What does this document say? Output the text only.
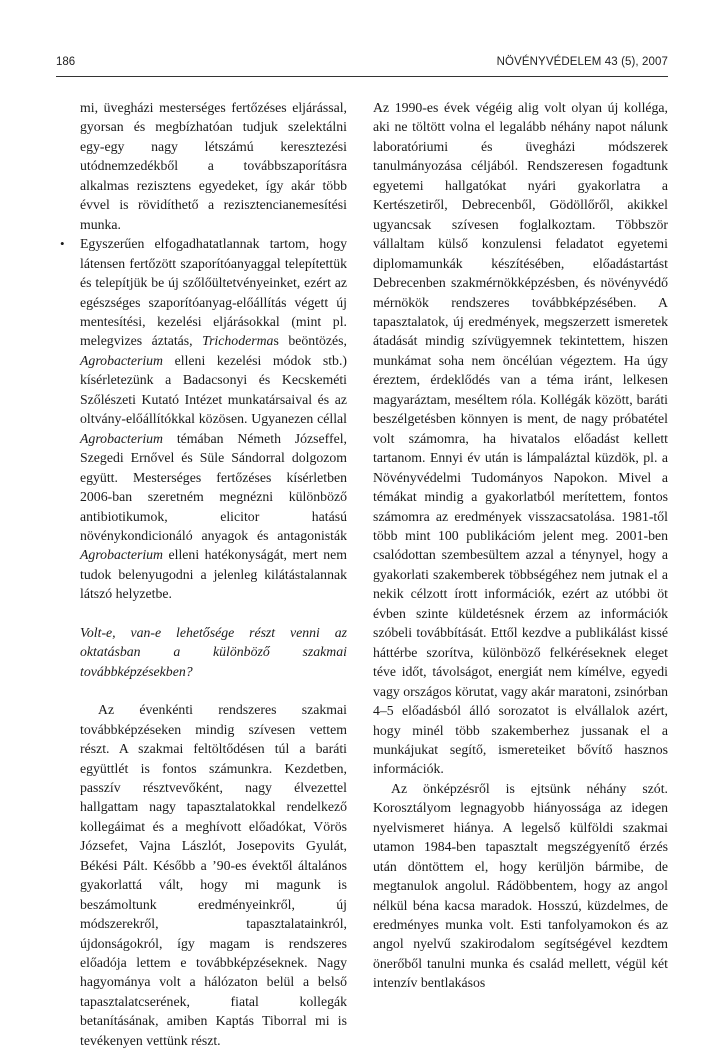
186	NÖVÉNYVÉDELEM 43 (5), 2007

mi, üvegházi mesterséges fertőzéses eljárással, gyorsan és megbízhatóan tudjuk szelektálni egy-egy nagy létszámú keresztezési utódnemzedékből a továbbszaporításra alkalmas rezisztens egyedeket, így akár több évvel is rövidíthető a rezisztencianemesítési munka.

• Egyszerűen elfogadhatatlannak tartom, hogy látensen fertőzött szaporítóanyaggal telepítettük és telepítjük be új szőlőültetvényeinket, ezért az egészséges szaporítóanyag-előállítás végett új mentesítési, kezelési eljárásokkal (mint pl. melegvizes áztatás, Trichodermas beöntözés, Agrobacterium elleni kezelési módok stb.) kísérletezünk a Badacsonyi és Kecskeméti Szőlészeti Kutató Intézet munkatársaival és az oltvány-előállítókkal közösen. Ugyanezen céllal Agrobacterium témában Németh Józseffel, Szegedi Ernővel és Süle Sándorral dolgozom együtt. Mesterséges fertőzéses kísérletben 2006-ban szeretném megnézni különböző antibiotikumok, elicitor hatású növénykondicionáló anyagok és antagonisták Agrobacterium elleni hatékonyságát, mert nem tudok belenyugodni a jelenleg kilátástalannak látszó helyzetbe.

Volt-e, van-e lehetősége részt venni az oktatásban a különböző szakmai továbbképzésekben?

Az évenkénti rendszeres szakmai továbbképzéseken mindig szívesen vettem részt. A szakmai feltöltődésen túl a baráti együttlét is fontos számunkra. Kezdetben, passzív résztvevőként, nagy élvezettel hallgattam nagy tapasztalatokkal rendelkező kollegáimat és a meghívott előadókat, Vörös Józsefet, Vajna Lászlót, Josepovits Gyulát, Békési Pált. Később a ’90-es évektől általános gyakorlattá vált, hogy mi magunk is beszámoltunk eredményeinkről, új módszerekről, tapasztalatainkról, újdonságokról, így magam is rendszeres előadója lettem e továbbképzéseknek. Nagy hagyománya volt a hálózaton belül a belső tapasztalatcserének, fiatal kollegák betanításának, amiben Kaptás Tiborral mi is tevékenyen vettünk részt.

Az 1990-es évek végéig alig volt olyan új kolléga, aki ne töltött volna el legalább néhány napot nálunk laboratóriumi és üvegházi módszerek tanulmányozása céljából. Rendszeresen fogadtunk egyetemi hallgatókat nyári gyakorlatra a Kertészetiről, Debrecenből, Gödöllőről, akikkel ugyancsak szívesen foglalkoztam. Többször vállaltam külső konzulensi feladatot egyetemi diplomamunkák készítésében, előadástartást Debrecenben szakmérnökképzésben, és növényvédő mérnökök rendszeres továbbképzésében. A tapasztalatok, új eredmények, megszerzett ismeretek átadását mindig szívügyemnek tekintettem, hiszen munkámat soha nem öncélúan végeztem. Ha úgy éreztem, érdeklődés van a téma iránt, lelkesen magyaráztam, meséltem róla. Kollégák között, baráti beszélgetésben könnyen is ment, de nagy próbatétel volt számomra, ha hivatalos előadást kellett tartanom. Ennyi év után is lámpaláztal küzdök, pl. a Növényvédelmi Tudományos Napokon. Mivel a témákat mindig a gyakorlatból merítettem, fontos számomra az eredmények visszacsatolása. 1981-től több mint 100 publikációm jelent meg. 2001-ben csalódottan szembesültem azzal a ténynyel, hogy a gyakorlati szakemberek többségéhez nem jutnak el a nekik célzott írott információk, ezért az utóbbi öt évben szinte küldetésnek érzem az információk szóbeli továbbítását. Ettől kezdve a publikálást kissé háttérbe szorítva, különböző felkéréseknek eleget téve időt, távolságot, energiát nem kímélve, egyedi vagy országos körutat, vagy akár maratoni, zsinórban 4–5 előadásból álló sorozatot is elvállalok azért, hogy minél több szakemberhez jussanak el a munkájukat segítő, ismereteiket bővítő hasznos információk.

Az önképzésről is ejtsünk néhány szót. Korosztályom legnagyobb hiányossága az idegen nyelvismeret hiánya. A legelső külföldi szakmai utamon 1984-ben tapasztalt megszégyenítő érzés után döntöttem el, hogy kerüljön bármibe, de megtanulok angolul. Rádöbbentem, hogy az angol nélkül béna kacsa maradok. Hosszú, küzdelmes, de eredményes munka volt. Esti tanfolyamokon és az angol nyelvű szakirodalom segítségével kezdtem önerőből tanulni munka és család mellett, végül két intenzív bentlakásos
